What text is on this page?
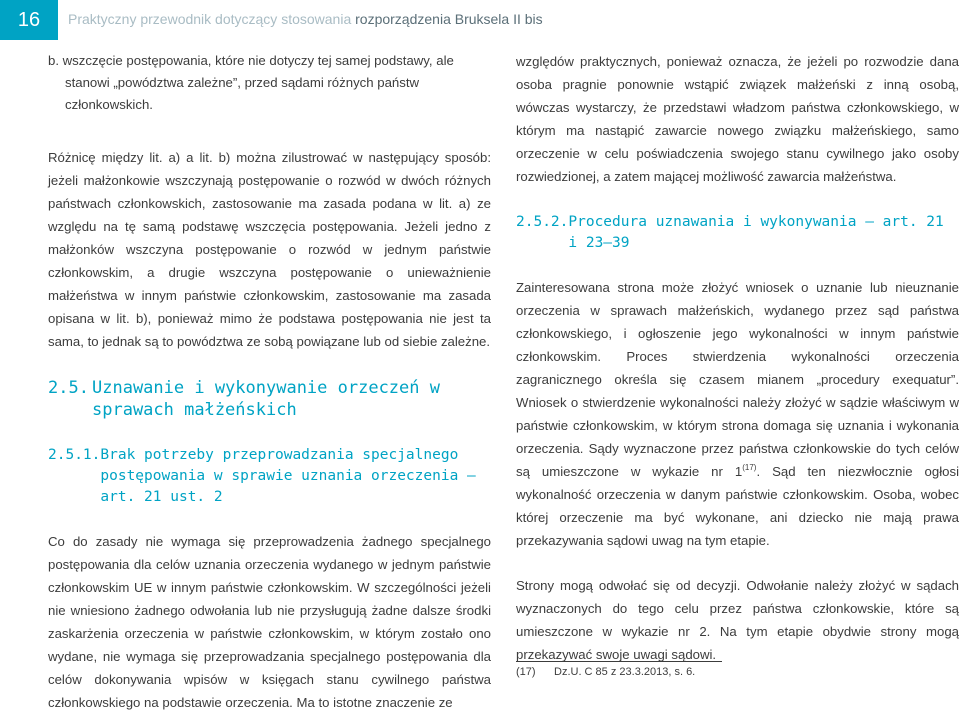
16 Praktyczny przewodnik dotyczący stosowania rozporządzenia Bruksela II bis

b. wszczęcie postępowania, które nie dotyczy tej samej podstawy, ale stanowi „powództwa zależne”, przed sądami różnych państw członkowskich.

Różnicę między lit. a) a lit. b) można zilustrować w następujący sposób: jeżeli małżonkowie wszczynają postępowanie o rozwód w dwóch różnych państwach członkowskich, zastosowanie ma zasada podana w lit. a) ze względu na tę samą podstawę wszczęcia postępowania. Jeżeli jedno z małżonków wszczyna postępowanie o rozwód w jednym państwie członkowskim, a drugie wszczyna postępowanie o unieważnienie małżeństwa w innym państwie członkowskim, zastosowanie ma zasada opisana w lit. b), ponieważ mimo że podstawa postępowania nie jest ta sama, to jednak są to powództwa ze sobą powiązane lub od siebie zależne.

2.5. Uznawanie i wykonywanie orzeczeń w sprawach małżeńskich
2.5.1. Brak potrzeby przeprowadzania specjalnego postępowania w sprawie uznania orzeczenia — art. 21 ust. 2

Co do zasady nie wymaga się przeprowadzenia żadnego specjalnego postępowania dla celów uznania orzeczenia wydanego w jednym państwie członkowskim UE w innym państwie członkowskim. W szczególności jeżeli nie wniesiono żadnego odwołania lub nie przysługują żadne dalsze środki zaskarżenia orzeczenia w państwie członkowskim, w którym zostało ono wydane, nie wymaga się przeprowadzania specjalnego postępowania dla celów dokonywania wpisów w księgach stanu cywilnego państwa członkowskiego na podstawie orzeczenia. Ma to istotne znaczenie ze

względów praktycznych, ponieważ oznacza, że jeżeli po rozwodzie dana osoba pragnie ponownie wstąpić związek małżeński z inną osobą, wówczas wystarczy, że przedstawi władzom państwa członkowskiego, w którym ma nastąpić zawarcie nowego związku małżeńskiego, samo orzeczenie w celu poświadczenia swojego stanu cywilnego jako osoby rozwiedzionej, a zatem mającej możliwość zawarcia małżeństwa.

2.5.2. Procedura uznawania i wykonywania — art. 21 i 23—39

Zainteresowana strona może złożyć wniosek o uznanie lub nieuznanie orzeczenia w sprawach małżeńskich, wydanego przez sąd państwa członkowskiego, i ogłoszenie jego wykonalności w innym państwie członkowskim. Proces stwierdzenia wykonalności orzeczenia zagranicznego określa się czasem mianem „procedury exequatur”. Wniosek o stwierdzenie wykonalności należy złożyć w sądzie właściwym w państwie członkowskim, w którym strona domaga się uznania i wykonania orzeczenia. Sądy wyznaczone przez państwa członkowskie do tych celów są umieszczone w wykazie nr 1$^{(17)}$. Sąd ten niezwłocznie ogłosi wykonalność orzeczenia w danym państwie członkowskim. Osoba, wobec której orzeczenie ma być wykonane, ani dziecko nie mają prawa przekazywania sądowi uwag na tym etapie.

Strony mogą odwołać się od decyzji. Odwołanie należy złożyć w sądach wyznaczonych do tego celu przez państwa członkowskie, które są umieszczone w wykazie nr 2. Na tym etapie obydwie strony mogą przekazywać swoje uwagi sądowi.

(17) Dz.U. C 85 z 23.3.2013, s. 6.
